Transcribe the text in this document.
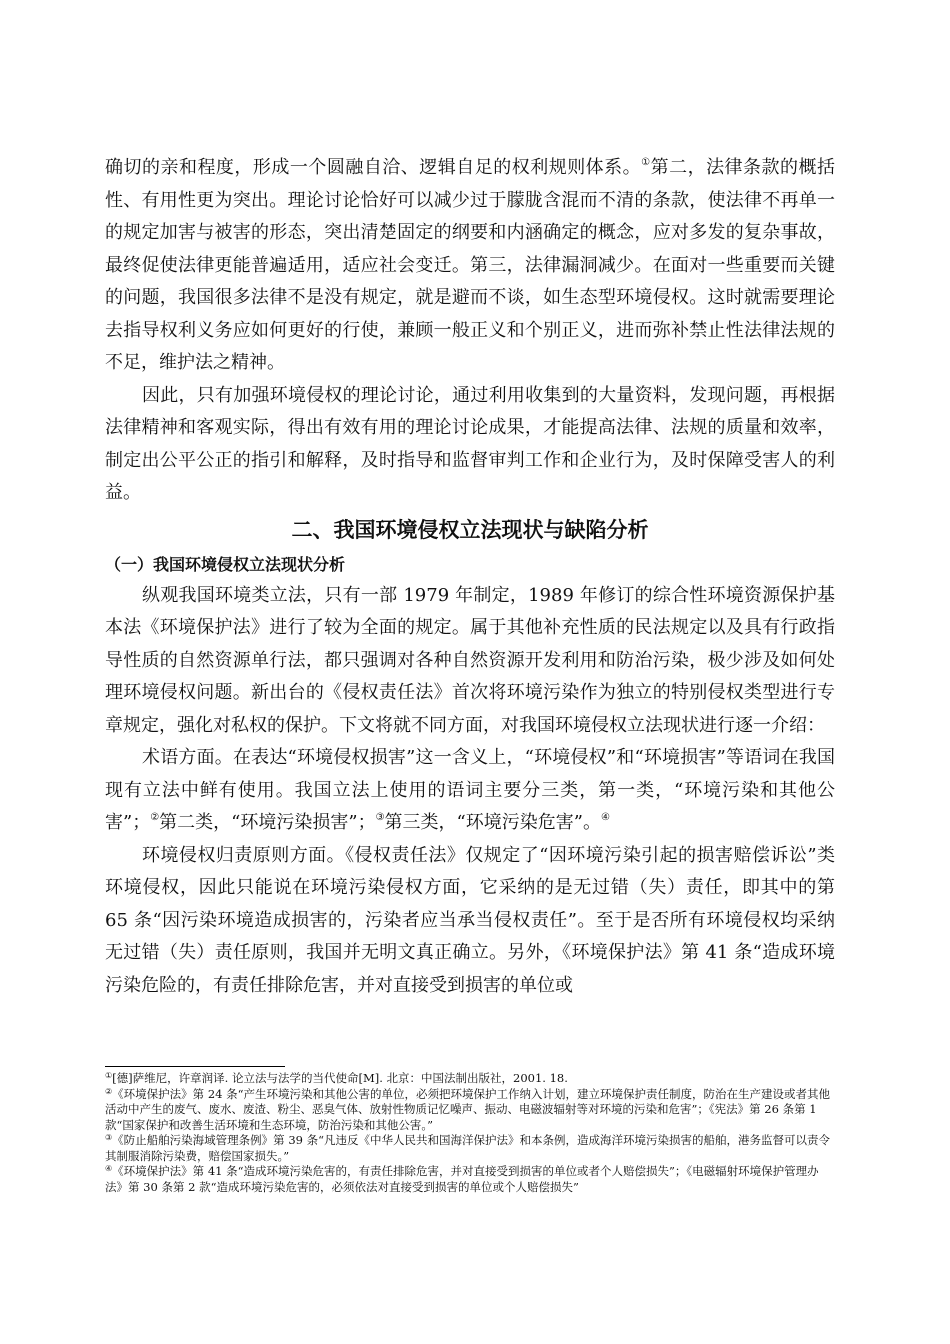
确切的亲和程度，形成一个圆融自洽、逻辑自足的权利规则体系。①第二，法律条款的概括性、有用性更为突出。理论讨论恰好可以减少过于朦胧含混而不清的条款，使法律不再单一的规定加害与被害的形态，突出清楚固定的纲要和内涵确定的概念，应对多发的复杂事故，最终促使法律更能普遍适用，适应社会变迁。第三，法律漏洞减少。在面对一些重要而关键的问题，我国很多法律不是没有规定，就是避而不谈，如生态型环境侵权。这时就需要理论去指导权利义务应如何更好的行使，兼顾一般正义和个别正义，进而弥补禁止性法律法规的不足，维护法之精神。

因此，只有加强环境侵权的理论讨论，通过利用收集到的大量资料，发现问题，再根据法律精神和客观实际，得出有效有用的理论讨论成果，才能提高法律、法规的质量和效率，制定出公平公正的指引和解释，及时指导和监督审判工作和企业行为，及时保障受害人的利益。

二、我国环境侵权立法现状与缺陷分析

（一）我国环境侵权立法现状分析

纵观我国环境类立法，只有一部 1979 年制定，1989 年修订的综合性环境资源保护基本法《环境保护法》进行了较为全面的规定。属于其他补充性质的民法规定以及具有行政指导性质的自然资源单行法，都只强调对各种自然资源开发利用和防治污染，极少涉及如何处理环境侵权问题。新出台的《侵权责任法》首次将环境污染作为独立的特别侵权类型进行专章规定，强化对私权的保护。下文将就不同方面，对我国环境侵权立法现状进行逐一介绍：

术语方面。在表达“环境侵权损害”这一含义上，“环境侵权”和“环境损害”等语词在我国现有立法中鲜有使用。我国立法上使用的语词主要分三类，第一类，“环境污染和其他公害”；②第二类，“环境污染损害”；③第三类，“环境污染危害”。④

环境侵权归责原则方面。《侵权责任法》仅规定了“因环境污染引起的损害赔偿诉讼”类环境侵权，因此只能说在环境污染侵权方面，它采纳的是无过错（失）责任，即其中的第 65 条“因污染环境造成损害的，污染者应当承当侵权责任”。至于是否所有环境侵权均采纳无过错（失）责任原则，我国并无明文真正确立。另外，《环境保护法》第 41 条“造成环境污染危险的，有责任排除危害，并对直接受到损害的单位或

①[德]萨维尼，许章润译. 论立法与法学的当代使命[M]. 北京：中国法制出版社，2001. 18.

②《环境保护法》第 24 条“产生环境污染和其他公害的单位，必须把环境保护工作纳入计划，建立环境保护责任制度，防治在生产建设或者其他活动中产生的废气、废水、废渣、粉尘、恶臭气体、放射性物质记忆噪声、振动、电磁波辐射等对环境的污染和危害”；《宪法》第 26 条第 1 款“国家保护和改善生活环境和生态环境，防治污染和其他公害。”

③《防止船舶污染海域管理条例》第 39 条“凡违反《中华人民共和国海洋保护法》和本条例，造成海洋环境污染损害的船舶，港务监督可以责令其制服消除污染费，赔偿国家损失。”

④《环境保护法》第 41 条“造成环境污染危害的，有责任排除危害，并对直接受到损害的单位或者个人赔偿损失”；《电磁辐射环境保护管理办法》第 30 条第 2 款“造成环境污染危害的，必须依法对直接受到损害的单位或个人赔偿损失”
